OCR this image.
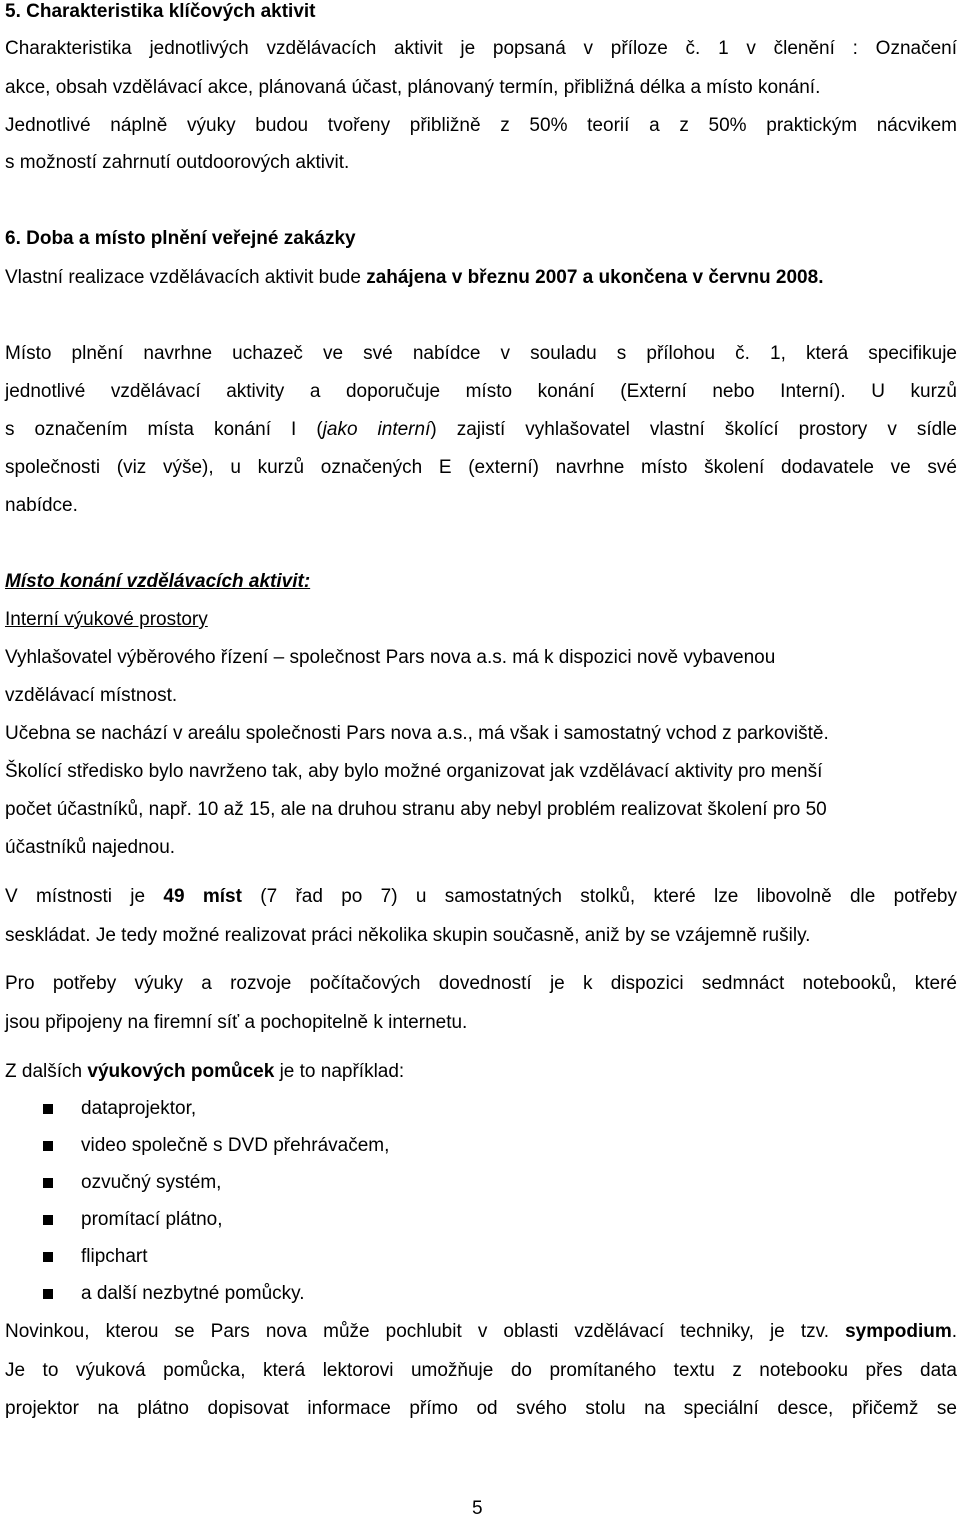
5. Charakteristika klíčových aktivit
Charakteristika jednotlivých vzdělávacích aktivit je popsaná v příloze č. 1 v členění : Označení
akce, obsah vzdělávací akce, plánovaná účast, plánovaný termín, přibližná délka a místo konání.
Jednotlivé náplně výuky budou tvořeny přibližně z 50% teorií a z 50% praktickým nácvikem
s možností zahrnutí outdoorových aktivit.
6. Doba a místo plnění veřejné zakázky
Vlastní realizace vzdělávacích aktivit bude zahájena v březnu 2007 a ukončena v červnu 2008.
Místo plnění navrhne uchazeč ve své nabídce v souladu s přílohou č. 1, která specifikuje
jednotlivé vzdělávací aktivity a doporučuje místo konání (Externí nebo Interní). U kurzů
s označením místa konání I (jako interní) zajistí vyhlašovatel vlastní školící prostory v sídle
společnosti (viz výše), u kurzů označených E (externí) navrhne místo školení dodavatele ve své
nabídce.
Místo konání vzdělávacích aktivit:
Interní výukové prostory
Vyhlašovatel výběrového řízení – společnost Pars nova a.s. má k dispozici nově vybavenou
vzdělávací místnost.
Učebna se nachází v areálu společnosti Pars nova a.s., má však i samostatný vchod z parkoviště.
Školící středisko bylo navrženo tak, aby bylo možné organizovat jak vzdělávací aktivity pro menší
počet účastníků, např. 10 až 15, ale na druhou stranu aby nebyl problém realizovat školení pro 50
účastníků najednou.
V místnosti je 49 míst (7 řad po 7) u samostatných stolků, které lze libovolně dle potřeby
seskládat. Je tedy možné realizovat práci několika skupin současně, aniž by se vzájemně rušily.
Pro potřeby výuky a rozvoje počítačových dovedností je k dispozici sedmnáct notebooků, které
jsou připojeny na firemní síť a pochopitelně k internetu.
Z dalších výukových pomůcek je to například:
dataprojektor,
video společně s DVD přehrávačem,
ozvučný systém,
promítací plátno,
flipchart
a další nezbytné pomůcky.
Novinkou, kterou se Pars nova může pochlubit v oblasti vzdělávací techniky, je tzv. sympodium.
Je to výuková pomůcka, která lektorovi umožňuje do promítaného textu z notebooku přes data
projektor na plátno dopisovat informace přímo od svého stolu na speciální desce, přičemž se
5
